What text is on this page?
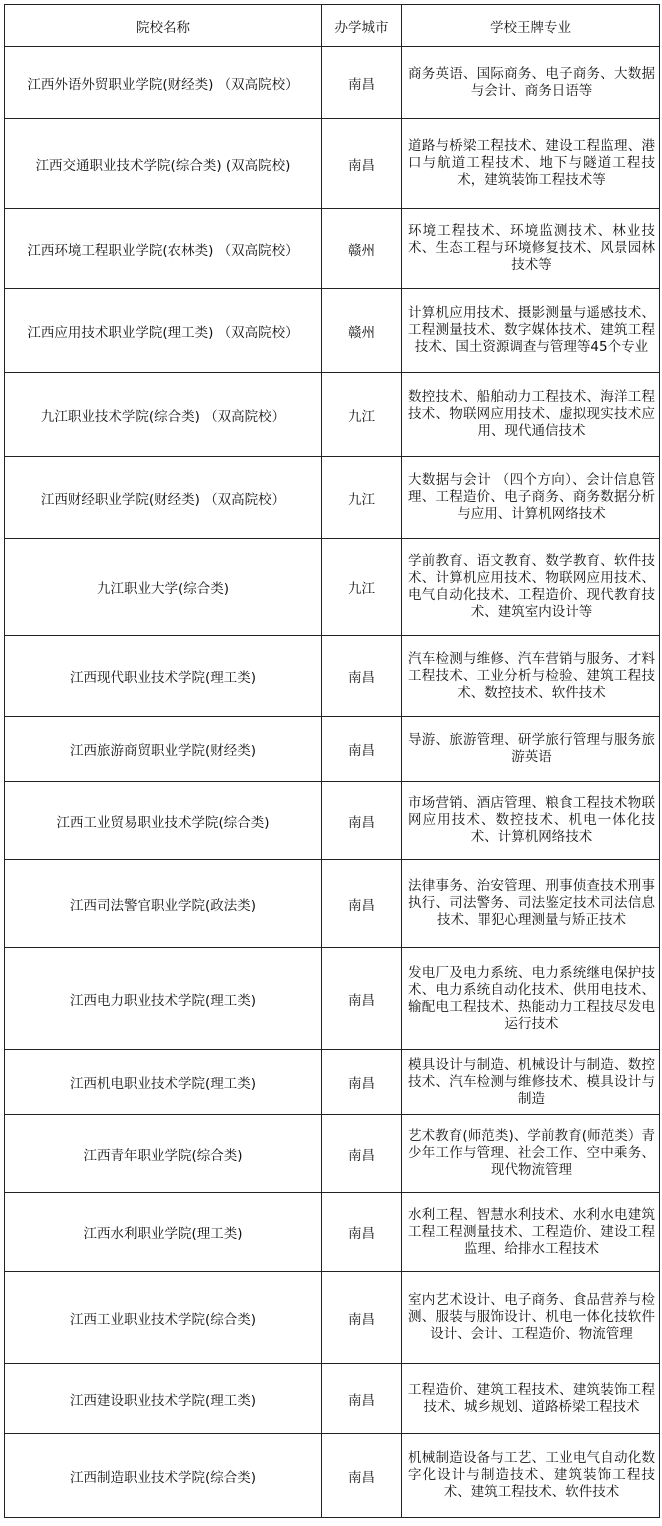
院校名称	办学城市	学校王牌专业
江西外语外贸职业学院(财经类) （双高院校）	南昌	商务英语、国际商务、电子商务、大数据与会计、商务日语等
江西交通职业技术学院(综合类) (双高院校)	南昌	道路与桥梁工程技术、建设工程监理、港口与航道工程技术、地下与隧道工程技术，建筑装饰工程技术等
江西环境工程职业学院(农林类) （双高院校）	赣州	环境工程技术、环境监测技术、林业技术、生态工程与环境修复技术、风景园林技术等
江西应用技术职业学院(理工类) （双高院校）	赣州	计算机应用技术、摄影测量与遥感技术、工程测量技术、数字媒体技术、建筑工程技术、国土资源调查与管理等45个专业
九江职业技术学院(综合类) （双高院校）	九江	数控技术、船舶动力工程技术、海洋工程技术、物联网应用技术、虚拟现实技术应用、现代通信技术
江西财经职业学院(财经类) （双高院校）	九江	大数据与会计 （四个方向）、会计信息管理、工程造价、电子商务、商务数据分析与应用、计算机网络技术
九江职业大学(综合类)	九江	学前教育、语文教育、数学教育、软件技术、计算机应用技术、物联网应用技术、电气自动化技术、工程造价、现代教育技术、建筑室内设计等
江西现代职业技术学院(理工类)	南昌	汽车检测与维修、汽车营销与服务、才料工程技术、工业分析与检验、建筑工程技术、数控技术、软件技术
江西旅游商贸职业学院(财经类)	南昌	导游、旅游管理、研学旅行管理与服务旅游英语
江西工业贸易职业技术学院(综合类)	南昌	市场营销、酒店管理、粮食工程技术物联网应用技术、数控技术、机电一体化技术、计算机网络技术
江西司法警官职业学院(政法类)	南昌	法律事务、治安管理、刑事侦查技术刑事执行、司法警务、司法鉴定技术司法信息技术、罪犯心理测量与矫正技术
江西电力职业技术学院(理工类)	南昌	发电厂及电力系统、电力系统继电保护技术、电力系统自动化技术、供用电技术、输配电工程技术、热能动力工程技尽发电运行技术
江西机电职业技术学院(理工类)	南昌	模具设计与制造、机械设计与制造、数控技术、汽车检测与维修技术、模具设计与制造
江西青年职业学院(综合类)	南昌	艺术教育(师范类)、学前教育(师范类）青少年工作与管理、社会工作、空中乘务、现代物流管理
江西水利职业学院(理工类)	南昌	水利工程、智慧水利技术、水利水电建筑工程工程测量技术、工程造价、建设工程监理、给排水工程技术
江西工业职业技术学院(综合类)	南昌	室内艺术设计、电子商务、食品营养与检测、服装与服饰设计、机电一体化技软件设计、会计、工程造价、物流管理
江西建设职业技术学院(理工类)	南昌	工程造价、建筑工程技术、建筑装饰工程技术、城乡规划、道路桥梁工程技术
江西制造职业技术学院(综合类)	南昌	机械制造设备与工艺、工业电气自动化数字化设计与制造技术、建筑装饰工程技术、建筑工程技术、软件技术
